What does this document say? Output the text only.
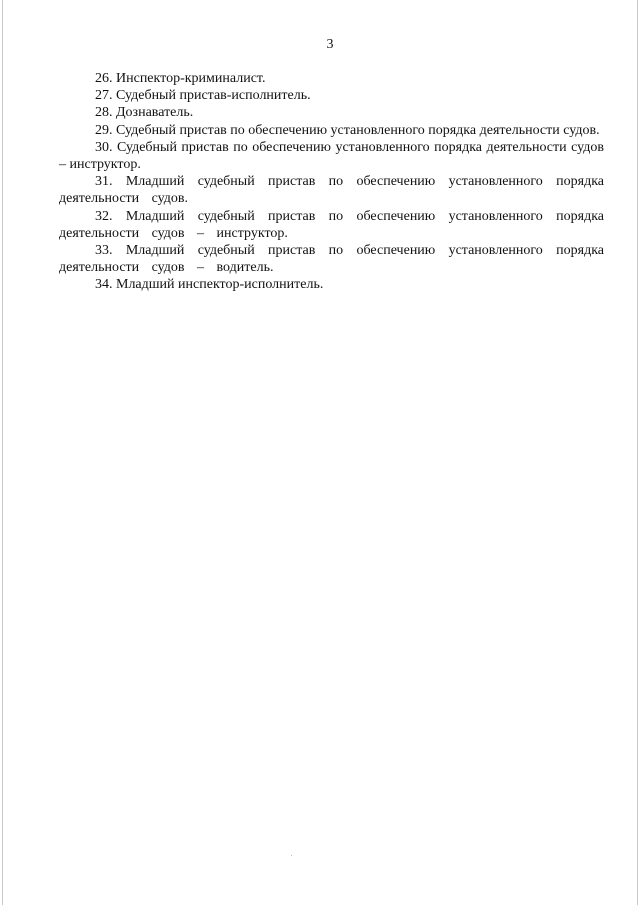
3

26. Инспектор-криминалист.

27. Судебный пристав-исполнитель.

28. Дознаватель.

29. Судебный пристав по обеспечению установленного порядка деятельности судов.

30. Судебный пристав по обеспечению установленного порядка деятельности судов – инструктор.

31. Младший судебный пристав по обеспечению установленного порядка деятельности судов.

32. Младший судебный пристав по обеспечению установленного порядка деятельности судов – инструктор.

33. Младший судебный пристав по обеспечению установленного порядка деятельности судов – водитель.

34. Младший инспектор-исполнитель.
